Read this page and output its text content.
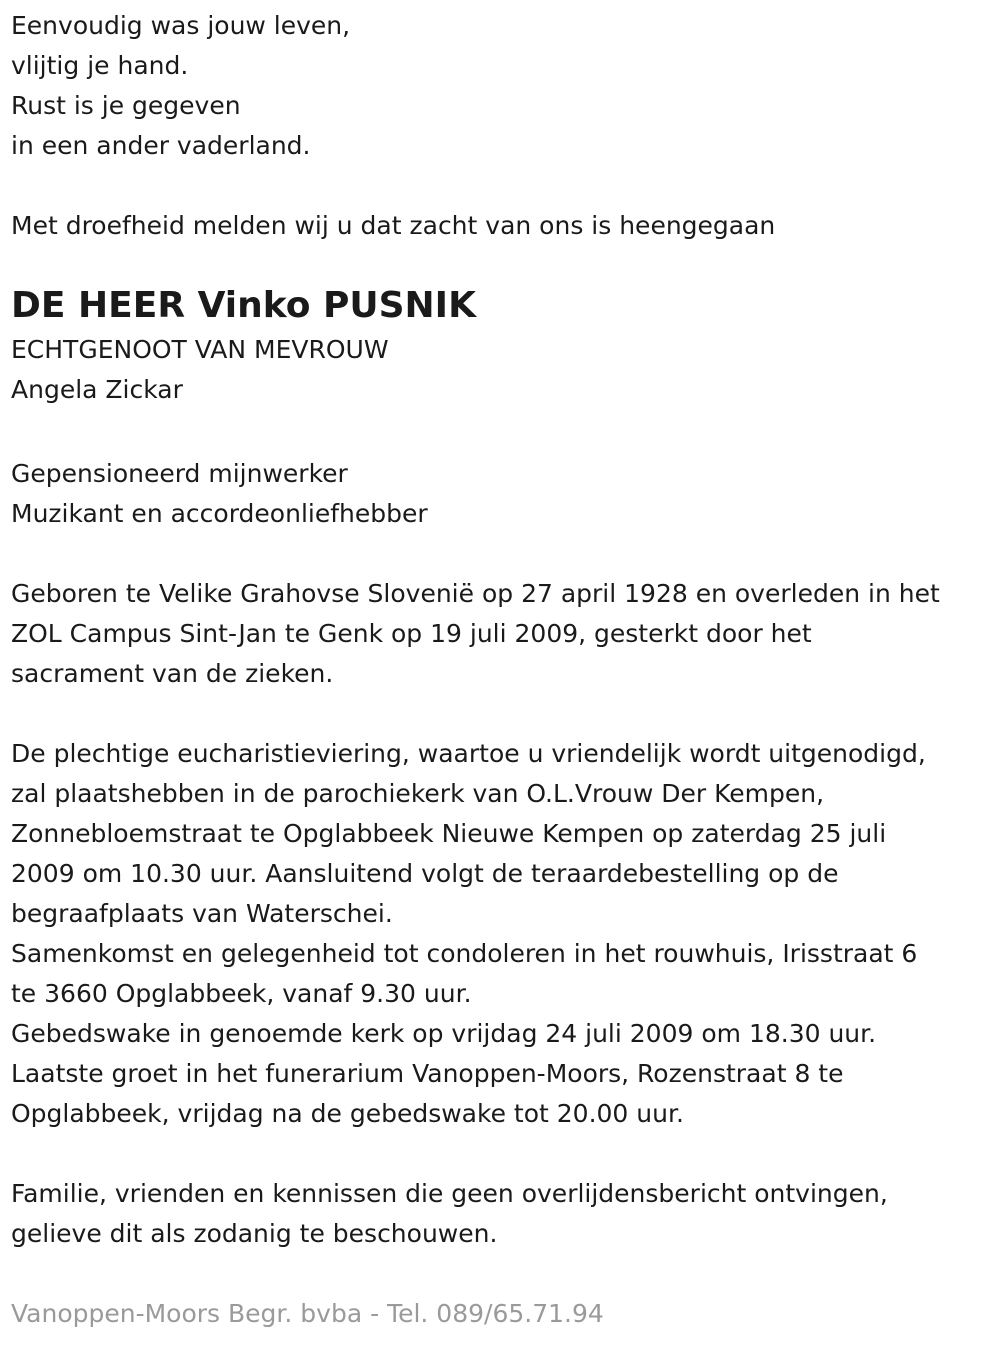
Eenvoudig was jouw leven,

vlijtig je hand.

Rust is je gegeven

in een ander vaderland.

Met droefheid melden wij u dat zacht van ons is heengegaan

DE HEER Vinko PUSNIK

ECHTGENOOT VAN MEVROUW

Angela Zickar

Gepensioneerd mijnwerker

Muzikant en accordeonliefhebber

Geboren te Velike Grahovse Slovenië op 27 april 1928 en overleden in het

ZOL Campus Sint-Jan te Genk op 19 juli 2009, gesterkt door het

sacrament van de zieken.

De plechtige eucharistieviering, waartoe u vriendelijk wordt uitgenodigd,

zal plaatshebben in de parochiekerk van O.L.Vrouw Der Kempen,

Zonnebloemstraat te Opglabbeek Nieuwe Kempen op zaterdag 25 juli

2009 om 10.30 uur. Aansluitend volgt de teraardebestelling op de

begraafplaats van Waterschei.

Samenkomst en gelegenheid tot condoleren in het rouwhuis, Irisstraat 6

te 3660 Opglabbeek, vanaf 9.30 uur.

Gebedswake in genoemde kerk op vrijdag 24 juli 2009 om 18.30 uur.

Laatste groet in het funerarium Vanoppen-Moors, Rozenstraat 8 te

Opglabbeek, vrijdag na de gebedswake tot 20.00 uur.

Familie, vrienden en kennissen die geen overlijdensbericht ontvingen,

gelieve dit als zodanig te beschouwen.

Vanoppen-Moors Begr. bvba - Tel. 089/65.71.94
